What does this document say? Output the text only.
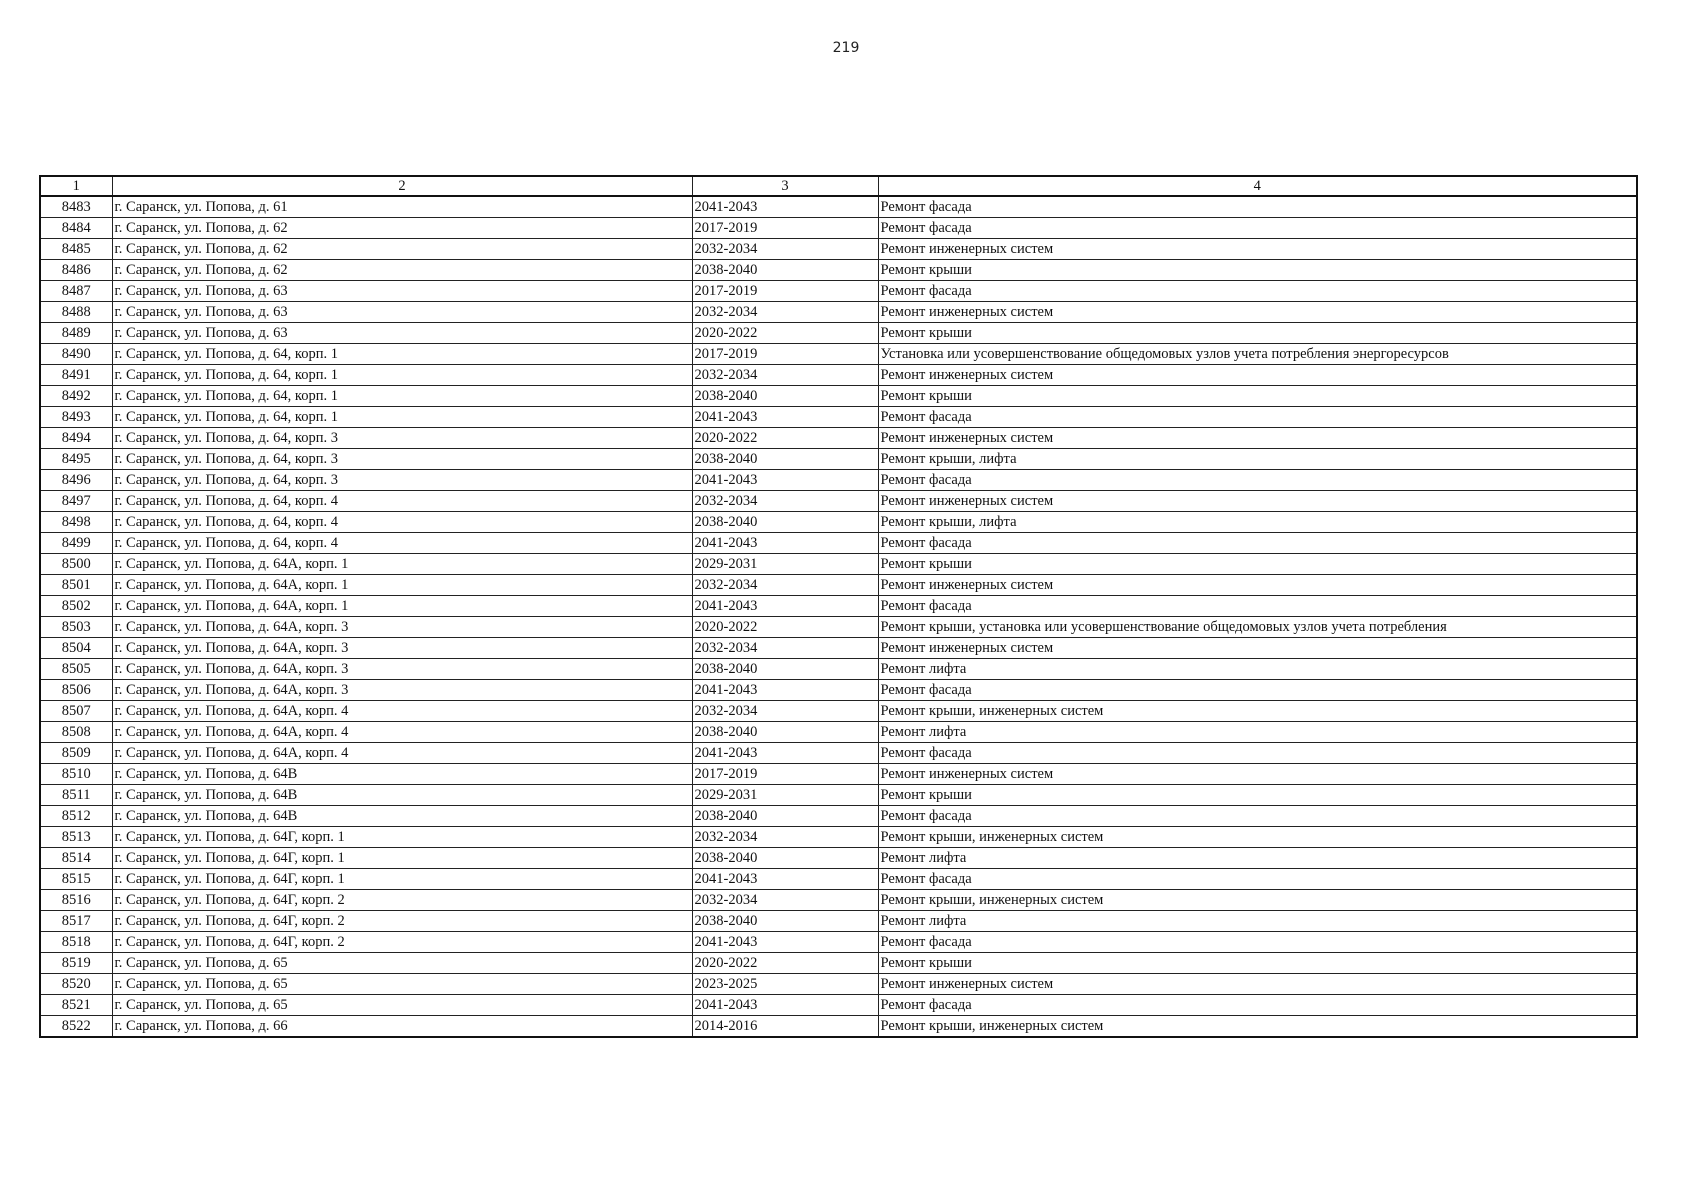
219
1	2	3	4
8483	г. Саранск, ул. Попова, д. 61	2041-2043	Ремонт фасада
8484	г. Саранск, ул. Попова, д. 62	2017-2019	Ремонт фасада
8485	г. Саранск, ул. Попова, д. 62	2032-2034	Ремонт инженерных систем
8486	г. Саранск, ул. Попова, д. 62	2038-2040	Ремонт крыши
8487	г. Саранск, ул. Попова, д. 63	2017-2019	Ремонт фасада
8488	г. Саранск, ул. Попова, д. 63	2032-2034	Ремонт инженерных систем
8489	г. Саранск, ул. Попова, д. 63	2020-2022	Ремонт крыши
8490	г. Саранск, ул. Попова, д. 64, корп. 1	2017-2019	Установка или усовершенствование общедомовых узлов учета потребления энергоресурсов
8491	г. Саранск, ул. Попова, д. 64, корп. 1	2032-2034	Ремонт инженерных систем
8492	г. Саранск, ул. Попова, д. 64, корп. 1	2038-2040	Ремонт крыши
8493	г. Саранск, ул. Попова, д. 64, корп. 1	2041-2043	Ремонт фасада
8494	г. Саранск, ул. Попова, д. 64, корп. 3	2020-2022	Ремонт инженерных систем
8495	г. Саранск, ул. Попова, д. 64, корп. 3	2038-2040	Ремонт крыши, лифта
8496	г. Саранск, ул. Попова, д. 64, корп. 3	2041-2043	Ремонт фасада
8497	г. Саранск, ул. Попова, д. 64, корп. 4	2032-2034	Ремонт инженерных систем
8498	г. Саранск, ул. Попова, д. 64, корп. 4	2038-2040	Ремонт крыши, лифта
8499	г. Саранск, ул. Попова, д. 64, корп. 4	2041-2043	Ремонт фасада
8500	г. Саранск, ул. Попова, д. 64А, корп. 1	2029-2031	Ремонт крыши
8501	г. Саранск, ул. Попова, д. 64А, корп. 1	2032-2034	Ремонт инженерных систем
8502	г. Саранск, ул. Попова, д. 64А, корп. 1	2041-2043	Ремонт фасада
8503	г. Саранск, ул. Попова, д. 64А, корп. 3	2020-2022	Ремонт крыши, установка или усовершенствование общедомовых узлов учета потребления
8504	г. Саранск, ул. Попова, д. 64А, корп. 3	2032-2034	Ремонт инженерных систем
8505	г. Саранск, ул. Попова, д. 64А, корп. 3	2038-2040	Ремонт лифта
8506	г. Саранск, ул. Попова, д. 64А, корп. 3	2041-2043	Ремонт фасада
8507	г. Саранск, ул. Попова, д. 64А, корп. 4	2032-2034	Ремонт крыши, инженерных систем
8508	г. Саранск, ул. Попова, д. 64А, корп. 4	2038-2040	Ремонт лифта
8509	г. Саранск, ул. Попова, д. 64А, корп. 4	2041-2043	Ремонт фасада
8510	г. Саранск, ул. Попова, д. 64В	2017-2019	Ремонт инженерных систем
8511	г. Саранск, ул. Попова, д. 64В	2029-2031	Ремонт крыши
8512	г. Саранск, ул. Попова, д. 64В	2038-2040	Ремонт фасада
8513	г. Саранск, ул. Попова, д. 64Г, корп. 1	2032-2034	Ремонт крыши, инженерных систем
8514	г. Саранск, ул. Попова, д. 64Г, корп. 1	2038-2040	Ремонт лифта
8515	г. Саранск, ул. Попова, д. 64Г, корп. 1	2041-2043	Ремонт фасада
8516	г. Саранск, ул. Попова, д. 64Г, корп. 2	2032-2034	Ремонт крыши, инженерных систем
8517	г. Саранск, ул. Попова, д. 64Г, корп. 2	2038-2040	Ремонт лифта
8518	г. Саранск, ул. Попова, д. 64Г, корп. 2	2041-2043	Ремонт фасада
8519	г. Саранск, ул. Попова, д. 65	2020-2022	Ремонт крыши
8520	г. Саранск, ул. Попова, д. 65	2023-2025	Ремонт инженерных систем
8521	г. Саранск, ул. Попова, д. 65	2041-2043	Ремонт фасада
8522	г. Саранск, ул. Попова, д. 66	2014-2016	Ремонт крыши, инженерных систем
